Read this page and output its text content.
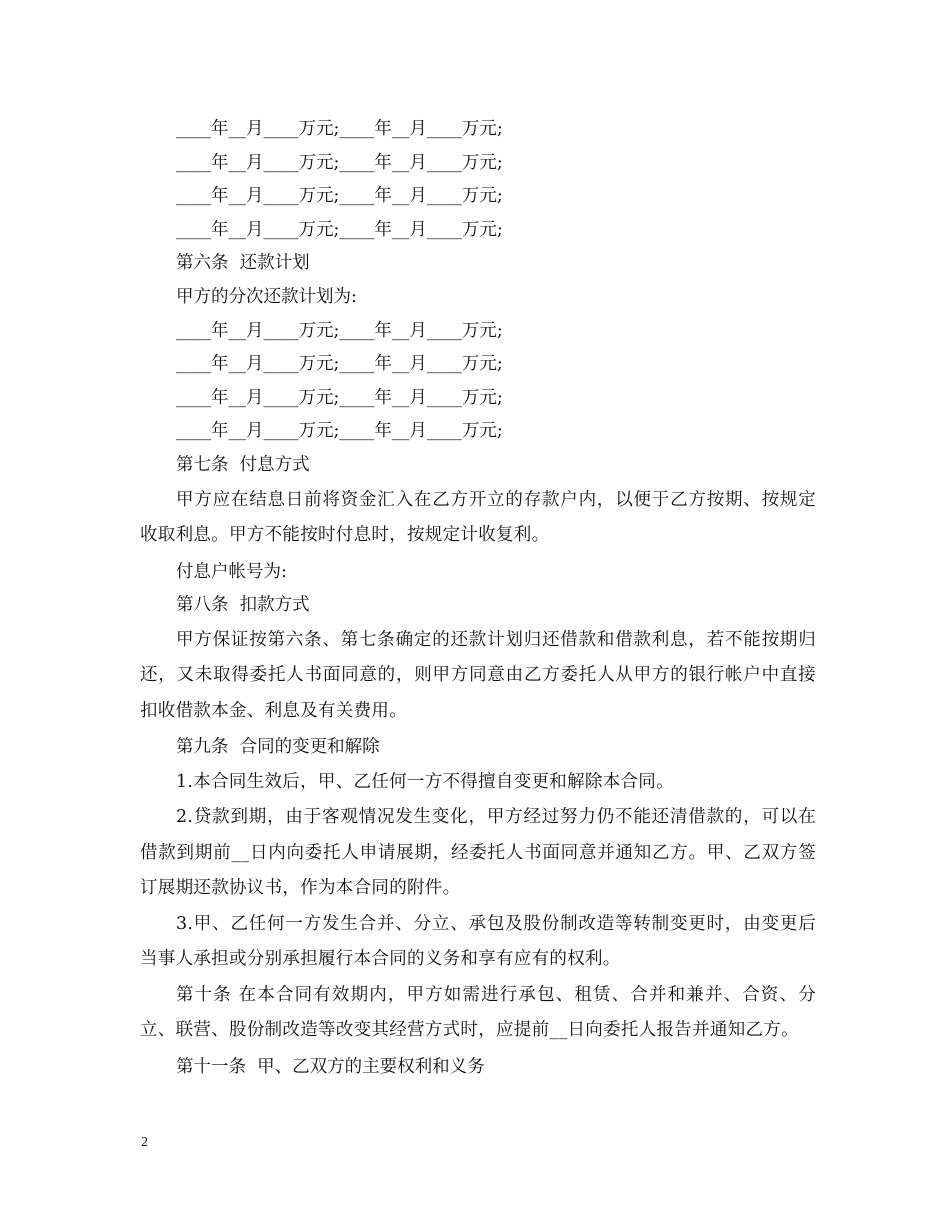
____年__月____万元;____年__月____万元;

____年__月____万元;____年__月____万元;

____年__月____万元;____年__月____万元;

____年__月____万元;____年__月____万元;

第六条  还款计划

甲方的分次还款计划为:

____年__月____万元;____年__月____万元;

____年__月____万元;____年__月____万元;

____年__月____万元;____年__月____万元;

____年__月____万元;____年__月____万元;

第七条  付息方式

甲方应在结息日前将资金汇入在乙方开立的存款户内，以便于乙方按期、按规定收取利息。甲方不能按时付息时，按规定计收复利。

付息户帐号为:

第八条  扣款方式

甲方保证按第六条、第七条确定的还款计划归还借款和借款利息，若不能按期归还，又未取得委托人书面同意的，则甲方同意由乙方委托人从甲方的银行帐户中直接扣收借款本金、利息及有关费用。

第九条  合同的变更和解除

1.本合同生效后，甲、乙任何一方不得擅自变更和解除本合同。

2.贷款到期，由于客观情况发生变化，甲方经过努力仍不能还清借款的，可以在借款到期前__日内向委托人申请展期，经委托人书面同意并通知乙方。甲、乙双方签订展期还款协议书，作为本合同的附件。

3.甲、乙任何一方发生合并、分立、承包及股份制改造等转制变更时，由变更后当事人承担或分别承担履行本合同的义务和享有应有的权利。

第十条 在本合同有效期内，甲方如需进行承包、租赁、合并和兼并、合资、分立、联营、股份制改造等改变其经营方式时，应提前__日向委托人报告并通知乙方。

第十一条  甲、乙双方的主要权利和义务

2
